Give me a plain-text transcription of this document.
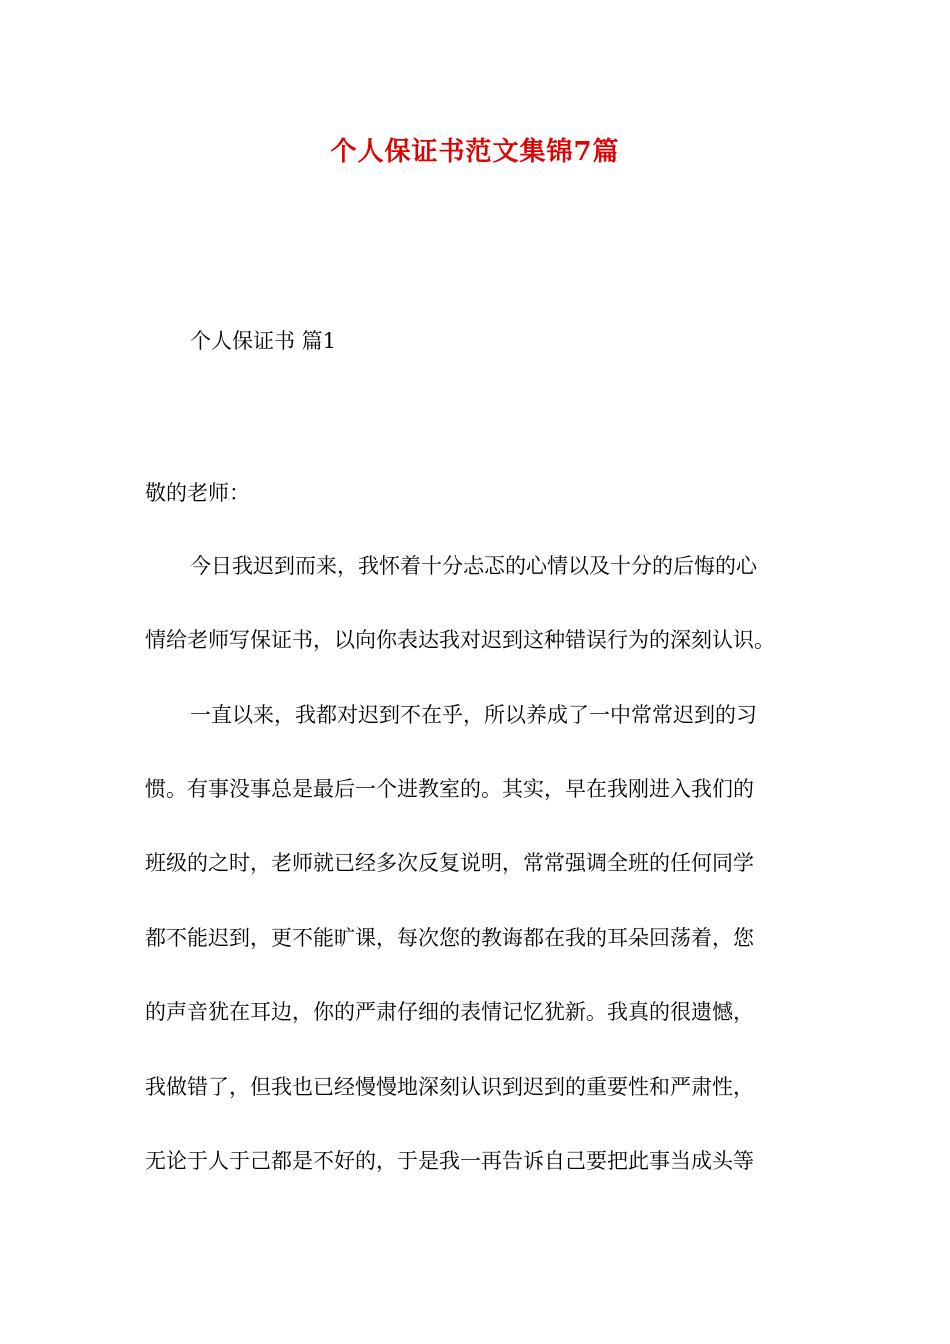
个人保证书范文集锦7篇
个人保证书 篇1
敬的老师：
今日我迟到而来，我怀着十分忐忑的心情以及十分的后悔的心
情给老师写保证书，以向你表达我对迟到这种错误行为的深刻认识。
一直以来，我都对迟到不在乎，所以养成了一中常常迟到的习
惯。有事没事总是最后一个进教室的。其实，早在我刚进入我们的
班级的之时，老师就已经多次反复说明，常常强调全班的任何同学
都不能迟到，更不能旷课，每次您的教诲都在我的耳朵回荡着，您
的声音犹在耳边，你的严肃仔细的表情记忆犹新。我真的很遗憾，
我做错了，但我也已经慢慢地深刻认识到迟到的重要性和严肃性，
无论于人于己都是不好的，于是我一再告诉自己要把此事当成头等
